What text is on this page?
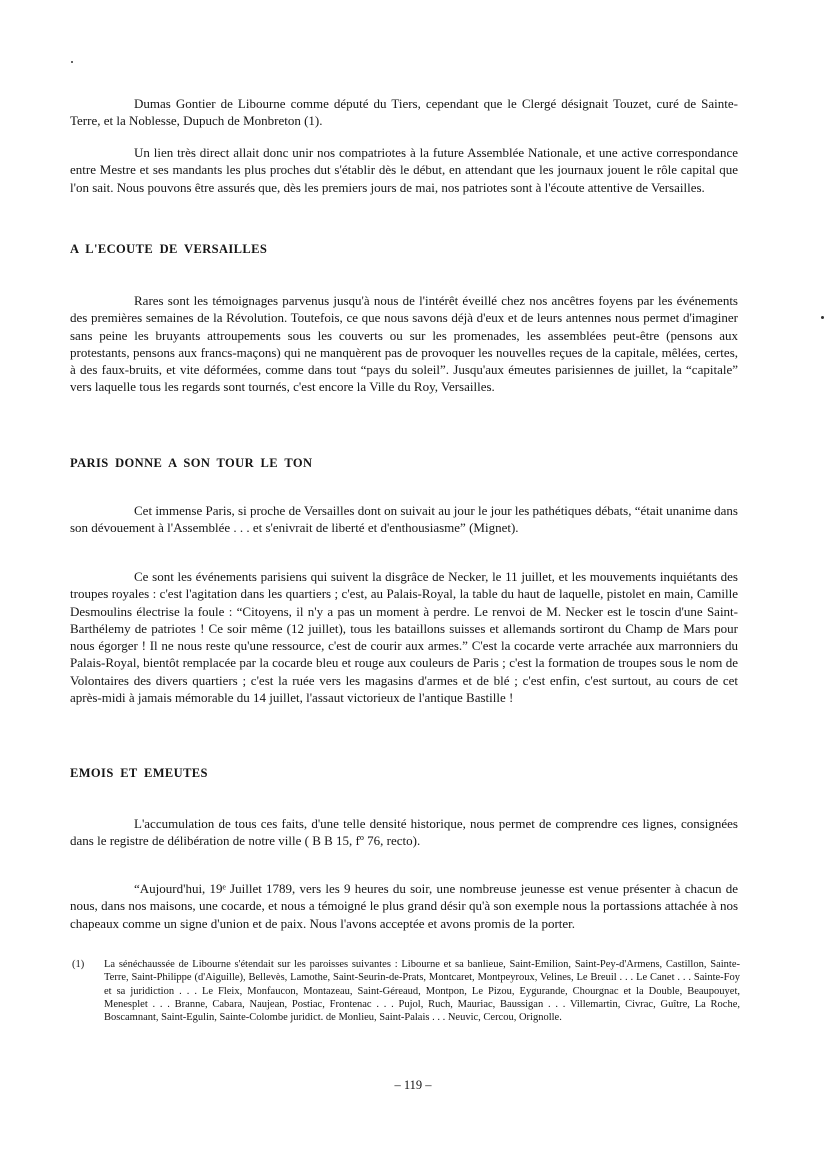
Dumas Gontier de Libourne comme député du Tiers, cependant que le Clergé désignait Touzet, curé de Sainte-Terre, et la Noblesse, Dupuch de Monbreton (1).

Un lien très direct allait donc unir nos compatriotes à la future Assemblée Nationale, et une active correspondance entre Mestre et ses mandants les plus proches dut s'établir dès le début, en attendant que les journaux jouent le rôle capital que l'on sait. Nous pouvons être assurés que, dès les premiers jours de mai, nos patriotes sont à l'écoute attentive de Versailles.

A L'ECOUTE DE VERSAILLES

Rares sont les témoignages parvenus jusqu'à nous de l'intérêt éveillé chez nos ancêtres foyens par les événements des premières semaines de la Révolution. Toutefois, ce que nous savons déjà d'eux et de leurs antennes nous permet d'imaginer sans peine les bruyants attroupements sous les couverts ou sur les promenades, les assemblées peut-être (pensons aux protestants, pensons aux francs-maçons) qui ne manquèrent pas de provoquer les nouvelles reçues de la capitale, mêlées, certes, à des faux-bruits, et vite déformées, comme dans tout “pays du soleil”. Jusqu'aux émeutes parisiennes de juillet, la “capitale” vers laquelle tous les regards sont tournés, c'est encore la Ville du Roy, Versailles.

PARIS DONNE A SON TOUR LE TON

Cet immense Paris, si proche de Versailles dont on suivait au jour le jour les pathétiques débats, “était unanime dans son dévouement à l'Assemblée . . . et s'enivrait de liberté et d'enthousiasme” (Mignet).

Ce sont les événements parisiens qui suivent la disgrâce de Necker, le 11 juillet, et les mouvements inquiétants des troupes royales : c'est l'agitation dans les quartiers ; c'est, au Palais-Royal, la table du haut de laquelle, pistolet en main, Camille Desmoulins électrise la foule : “Citoyens, il n'y a pas un moment à perdre. Le renvoi de M. Necker est le toscin d'une Saint-Barthélemy de patriotes ! Ce soir même (12 juillet), tous les bataillons suisses et allemands sortiront du Champ de Mars pour nous égorger ! Il ne nous reste qu'une ressource, c'est de courir aux armes.” C'est la cocarde verte arrachée aux marronniers du Palais-Royal, bientôt remplacée par la cocarde bleu et rouge aux couleurs de Paris ; c'est la formation de troupes sous le nom de Volontaires des divers quartiers ; c'est la ruée vers les magasins d'armes et de blé ; c'est enfin, c'est surtout, au cours de cet après-midi à jamais mémorable du 14 juillet, l'assaut victorieux de l'antique Bastille !

EMOIS ET EMEUTES

L'accumulation de tous ces faits, d'une telle densité historique, nous permet de comprendre ces lignes, consignées dans le registre de délibération de notre ville ( B B 15, fº 76, recto).

“Aujourd'hui, 19ᵉ Juillet 1789, vers les 9 heures du soir, une nombreuse jeunesse est venue présenter à chacun de nous, dans nos maisons, une cocarde, et nous a témoigné le plus grand désir qu'à son exemple nous la portassions attachée à nos chapeaux comme un signe d'union et de paix. Nous l'avons acceptée et avons promis de la porter.

(1)	La sénéchaussée de Libourne s'étendait sur les paroisses suivantes : Libourne et sa banlieue, Saint-Emilion, Saint-Pey-d'Armens, Castillon, Sainte-Terre, Saint-Philippe (d'Aiguille), Bellevès, Lamothe, Saint-Seurin-de-Prats, Montcaret, Montpeyroux, Velines, Le Breuil . . . Le Canet . . . Sainte-Foy et sa juridiction . . . Le Fleix, Monfaucon, Montazeau, Saint-Géreaud, Montpon, Le Pizou, Eygurande, Chourgnac et la Double, Beaupouyet, Menesplet . . . Branne, Cabara, Naujean, Postiac, Frontenac . . . Pujol, Ruch, Mauriac, Baussigan . . . Villemartin, Civrac, Guître, La Roche, Boscamnant, Saint-Egulin, Sainte-Colombe juridict. de Monlieu, Saint-Palais . . . Neuvic, Cercou, Orignolle.
– 119 –
